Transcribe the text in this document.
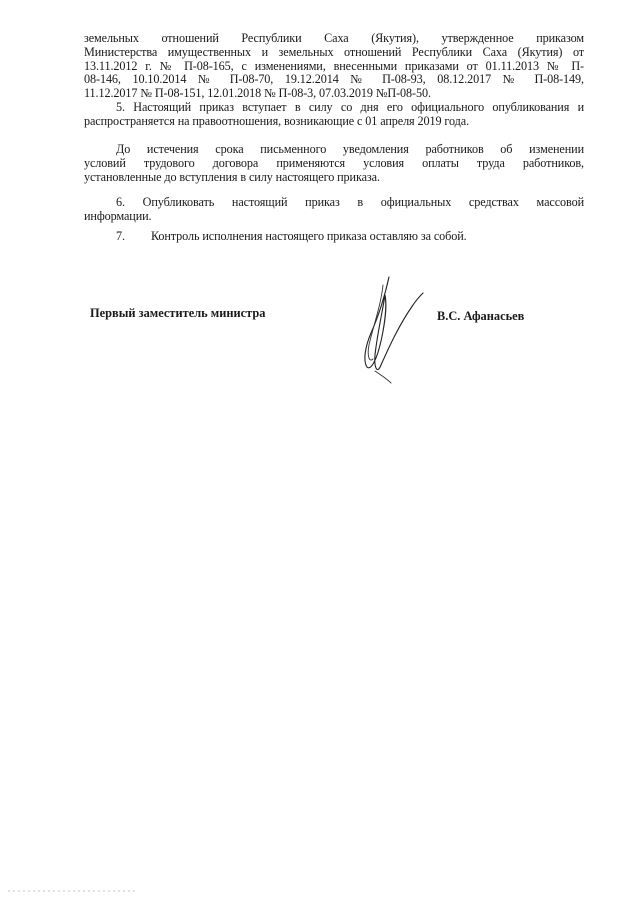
земельных отношений Республики Саха (Якутия), утвержденное приказом
Министерства имущественных и земельных отношений Республики Саха (Якутия) от
13.11.2012 г. № П-08-165, с изменениями, внесенными приказами от 01.11.2013 № П-
08-146, 10.10.2014 № П-08-70, 19.12.2014 № П-08-93, 08.12.2017 № П-08-149,
11.12.2017 № П-08-151, 12.01.2018 № П-08-3, 07.03.2019 №П-08-50.
5. Настоящий приказ вступает в силу со дня его официального опубликования и
распространяется на правоотношения, возникающие с 01 апреля 2019 года.
До истечения срока письменного уведомления работников об изменении
условий трудового договора применяются условия оплаты труда работников,
установленные до вступления в силу настоящего приказа.
6. Опубликовать настоящий приказ в официальных средствах массовой
информации.
7. Контроль исполнения настоящего приказа оставляю за собой.
Первый заместитель министра	В.С. Афанасьев
